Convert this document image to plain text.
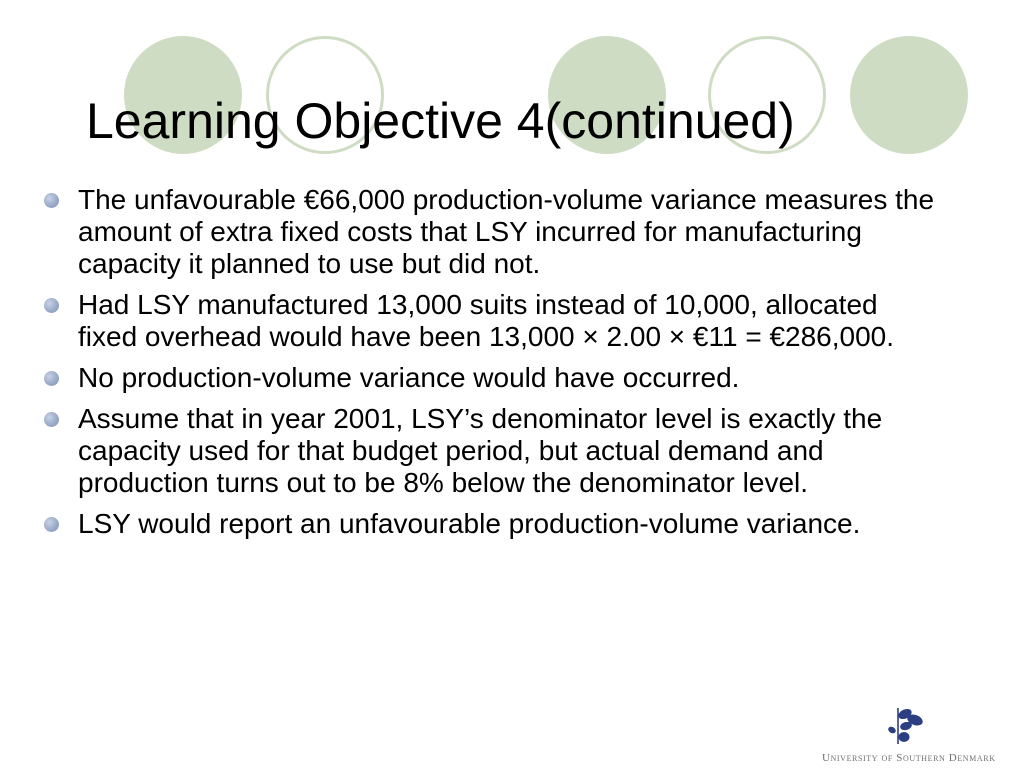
Learning Objective 4(continued)
The unfavourable €66,000 production-volume variance measures the amount of extra fixed costs that LSY incurred for manufacturing capacity it planned to use but did not.
Had LSY manufactured 13,000 suits instead of 10,000, allocated fixed overhead would have been 13,000 × 2.00 × €11 = €286,000.
No production-volume variance would have occurred.
Assume that in year 2001, LSY’s denominator level is exactly the capacity used for that budget period, but actual demand and production turns out to be 8% below the denominator level.
LSY would report an unfavourable production-volume variance.
University of Southern Denmark
